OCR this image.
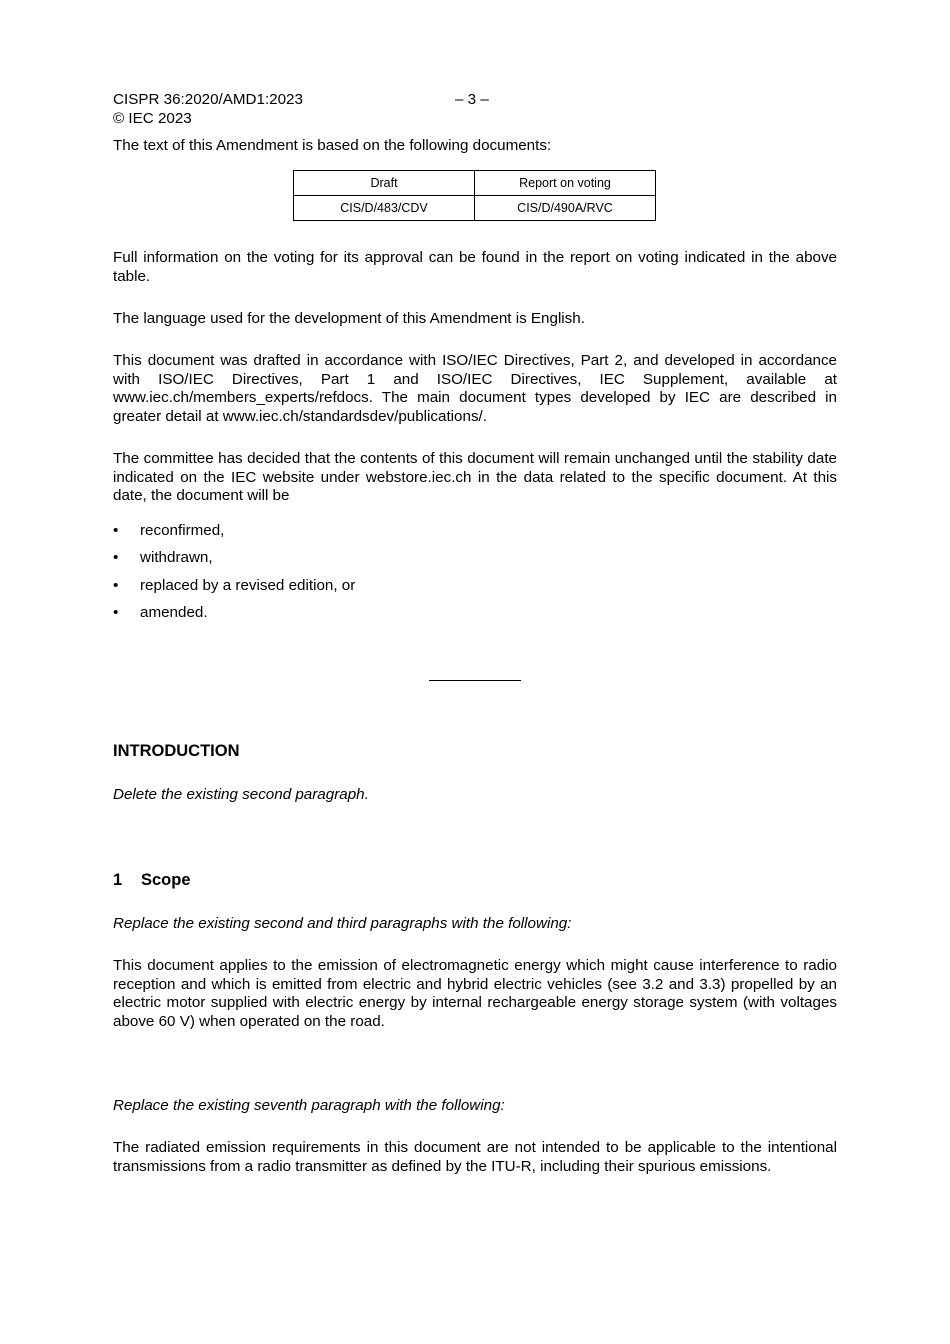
CISPR 36:2020/AMD1:2023	– 3 –
© IEC 2023
The text of this Amendment is based on the following documents:
Draft	Report on voting
CIS/D/483/CDV	CIS/D/490A/RVC
Full information on the voting for its approval can be found in the report on voting indicated in the above table.
The language used for the development of this Amendment is English.
This document was drafted in accordance with ISO/IEC Directives, Part 2, and developed in accordance with ISO/IEC Directives, Part 1 and ISO/IEC Directives, IEC Supplement, available at www.iec.ch/members_experts/refdocs. The main document types developed by IEC are described in greater detail at www.iec.ch/standardsdev/publications/.
The committee has decided that the contents of this document will remain unchanged until the stability date indicated on the IEC website under webstore.iec.ch in the data related to the specific document. At this date, the document will be
• reconfirmed,
• withdrawn,
• replaced by a revised edition, or
• amended.
INTRODUCTION
Delete the existing second paragraph.
1 Scope
Replace the existing second and third paragraphs with the following:
This document applies to the emission of electromagnetic energy which might cause interference to radio reception and which is emitted from electric and hybrid electric vehicles (see 3.2 and 3.3) propelled by an electric motor supplied with electric energy by internal rechargeable energy storage system (with voltages above 60 V) when operated on the road.
Replace the existing seventh paragraph with the following:
The radiated emission requirements in this document are not intended to be applicable to the intentional transmissions from a radio transmitter as defined by the ITU-R, including their spurious emissions.
